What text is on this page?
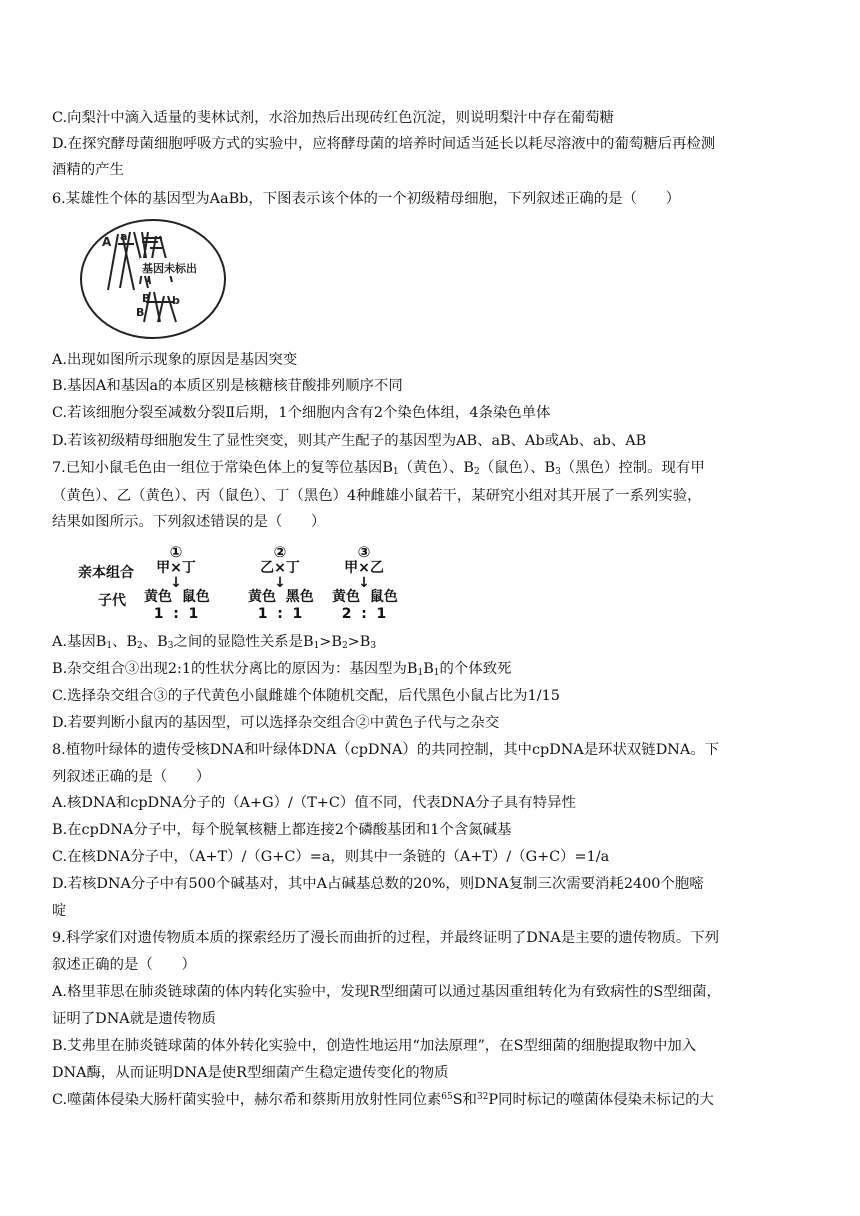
C.向梨汁中滴入适量的斐林试剂，水浴加热后出现砖红色沉淀，则说明梨汁中存在葡萄糖
D.在探究酵母菌细胞呼吸方式的实验中，应将酵母菌的培养时间适当延长以耗尽溶液中的葡萄糖后再检测
酒精的产生
6.某雄性个体的基因型为AaBb，下图表示该个体的一个初级精母细胞，下列叙述正确的是（　　）
基因未标出
A a
B b
B
A.出现如图所示现象的原因是基因突变
B.基因A和基因a的本质区别是核糖核苷酸排列顺序不同
C.若该细胞分裂至减数分裂Ⅱ后期，1个细胞内含有2个染色体组，4条染色单体
D.若该初级精母细胞发生了显性突变，则其产生配子的基因型为AB、aB、Ab或Ab、ab、AB
7.已知小鼠毛色由一组位于常染色体上的复等位基因$B_1$（黄色）、$B_2$（鼠色）、$B_3$（黑色）控制。现有甲
（黄色）、乙（黄色）、丙（鼠色）、丁（黑色）4种雌雄小鼠若干，某研究小组对其开展了一系列实验，
结果如图所示。下列叙述错误的是（　　）
亲本组合
子代
①
甲×丁
↓
黄色  鼠色
1  :  1
②
乙×丁
↓
黄色  黑色
1  :  1
③
甲×乙
↓
黄色  鼠色
2  :  1
A.基因$B_1$、$B_2$、$B_3$之间的显隐性关系是$B_1>B_2>B_3$
B.杂交组合③出现2:1的性状分离比的原因为：基因型为$B_1B_1$的个体致死
C.选择杂交组合③的子代黄色小鼠雌雄个体随机交配，后代黑色小鼠占比为1/15
D.若要判断小鼠丙的基因型，可以选择杂交组合②中黄色子代与之杂交
8.植物叶绿体的遗传受核DNA和叶绿体DNA（cpDNA）的共同控制，其中cpDNA是环状双链DNA。下
列叙述正确的是（　　）
A.核DNA和cpDNA分子的（A+G）/（T+C）值不同，代表DNA分子具有特异性
B.在cpDNA分子中，每个脱氧核糖上都连接2个磷酸基团和1个含氮碱基
C.在核DNA分子中，（A+T）/（G+C）=a，则其中一条链的（A+T）/（G+C）=1/a
D.若核DNA分子中有500个碱基对，其中A占碱基总数的20%，则DNA复制三次需要消耗2400个胞嘧
啶
9.科学家们对遗传物质本质的探索经历了漫长而曲折的过程，并最终证明了DNA是主要的遗传物质。下列
叙述正确的是（　　）
A.格里菲思在肺炎链球菌的体内转化实验中，发现R型细菌可以通过基因重组转化为有致病性的S型细菌，
证明了DNA就是遗传物质
B.艾弗里在肺炎链球菌的体外转化实验中，创造性地运用“加法原理”，在S型细菌的细胞提取物中加入
DNA酶，从而证明DNA是使R型细菌产生稳定遗传变化的物质
C.噬菌体侵染大肠杆菌实验中，赫尔希和蔡斯用放射性同位素$^{65}$S和$^{32}$P同时标记的噬菌体侵染未标记的大
